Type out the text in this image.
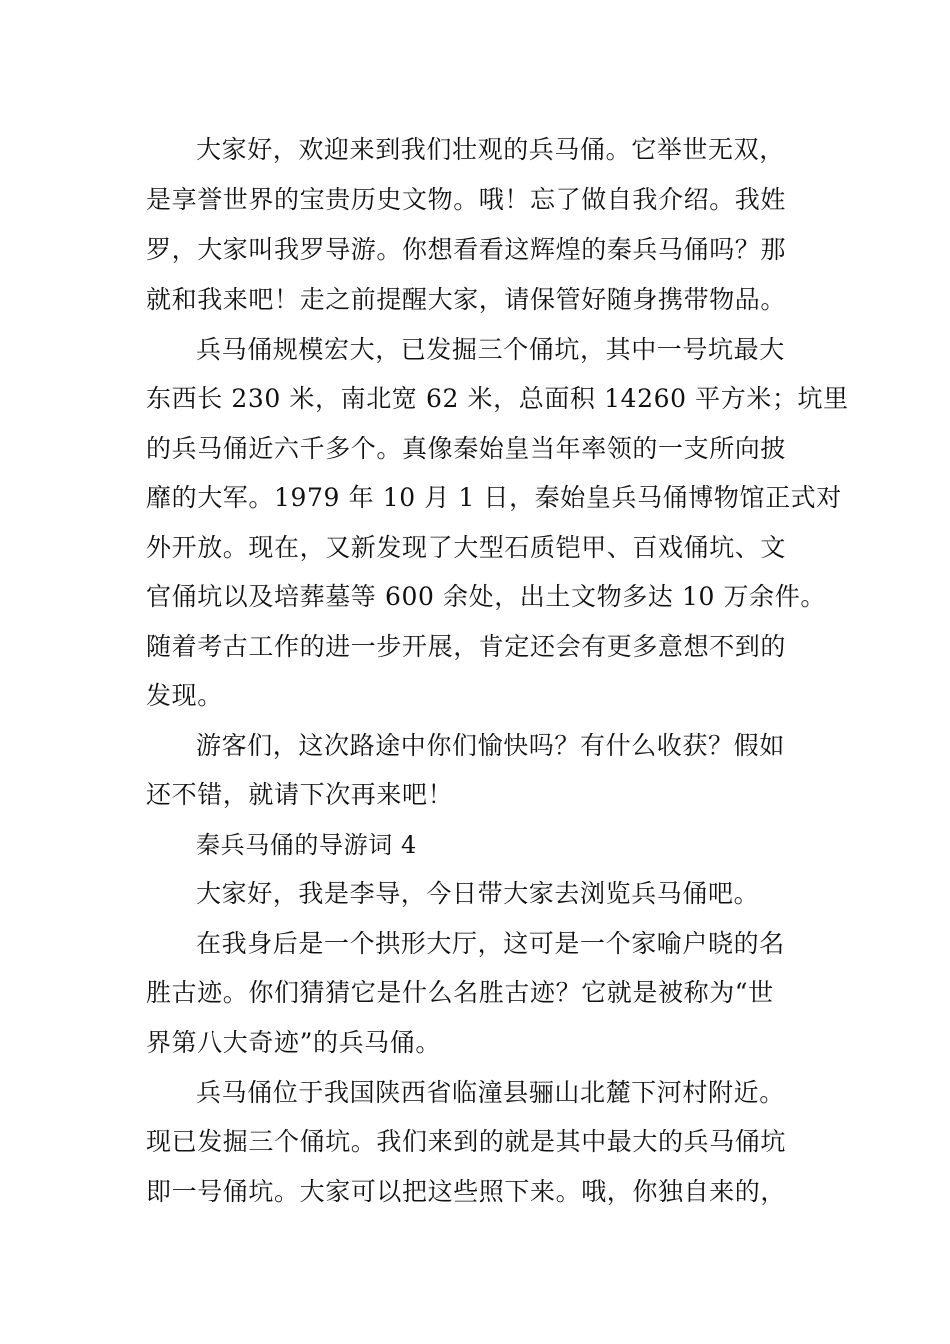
大家好，欢迎来到我们壮观的兵马俑。它举世无双，
是享誉世界的宝贵历史文物。哦！忘了做自我介绍。我姓
罗，大家叫我罗导游。你想看看这辉煌的秦兵马俑吗？那
就和我来吧！走之前提醒大家，请保管好随身携带物品。
兵马俑规模宏大，已发掘三个俑坑，其中一号坑最大
东西长 230 米，南北宽 62 米，总面积 14260 平方米；坑里
的兵马俑近六千多个。真像秦始皇当年率领的一支所向披
靡的大军。1979 年 10 月 1 日，秦始皇兵马俑博物馆正式对
外开放。现在，又新发现了大型石质铠甲、百戏俑坑、文
官俑坑以及培葬墓等 600 余处，出土文物多达 10 万余件。
随着考古工作的进一步开展，肯定还会有更多意想不到的
发现。
游客们，这次路途中你们愉快吗？有什么收获？假如
还不错，就请下次再来吧！
秦兵马俑的导游词 4
大家好，我是李导，今日带大家去浏览兵马俑吧。
在我身后是一个拱形大厅，这可是一个家喻户晓的名
胜古迹。你们猜猜它是什么名胜古迹？它就是被称为“世
界第八大奇迹”的兵马俑。
兵马俑位于我国陕西省临潼县骊山北麓下河村附近。
现已发掘三个俑坑。我们来到的就是其中最大的兵马俑坑
即一号俑坑。大家可以把这些照下来。哦，你独自来的，
